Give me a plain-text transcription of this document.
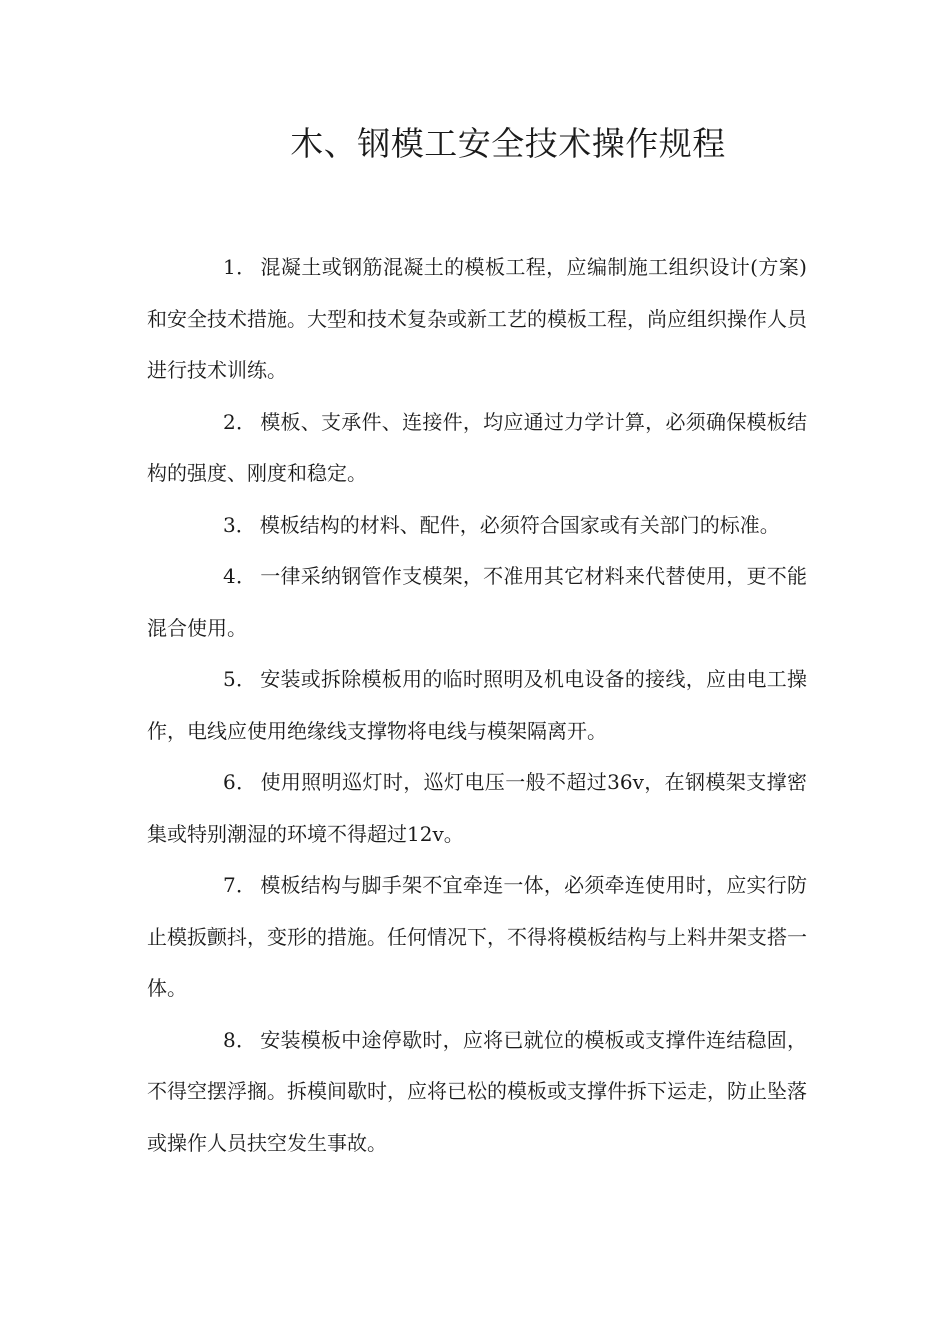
木、钢模工安全技术操作规程

1． 混凝土或钢筋混凝土的模板工程，应编制施工组织设计(方案)和安全技术措施。大型和技术复杂或新工艺的模板工程，尚应组织操作人员进行技术训练。

2． 模板、支承件、连接件，均应通过力学计算，必须确保模板结构的强度、刚度和稳定。

3． 模板结构的材料、配件，必须符合国家或有关部门的标准。

4． 一律采纳钢管作支模架，不准用其它材料来代替使用，更不能混合使用。

5． 安装或拆除模板用的临时照明及机电设备的接线，应由电工操作，电线应使用绝缘线支撑物将电线与模架隔离开。

6． 使用照明巡灯时，巡灯电压一般不超过36v，在钢模架支撑密集或特别潮湿的环境不得超过12v。

7． 模板结构与脚手架不宜牵连一体，必须牵连使用时，应实行防止模扳颤抖，变形的措施。任何情况下，不得将模板结构与上料井架支搭一体。

8． 安装模板中途停歇时，应将已就位的模板或支撑件连结稳固，不得空摆浮搁。拆模间歇时，应将已松的模板或支撑件拆下运走，防止坠落或操作人员扶空发生事故。
